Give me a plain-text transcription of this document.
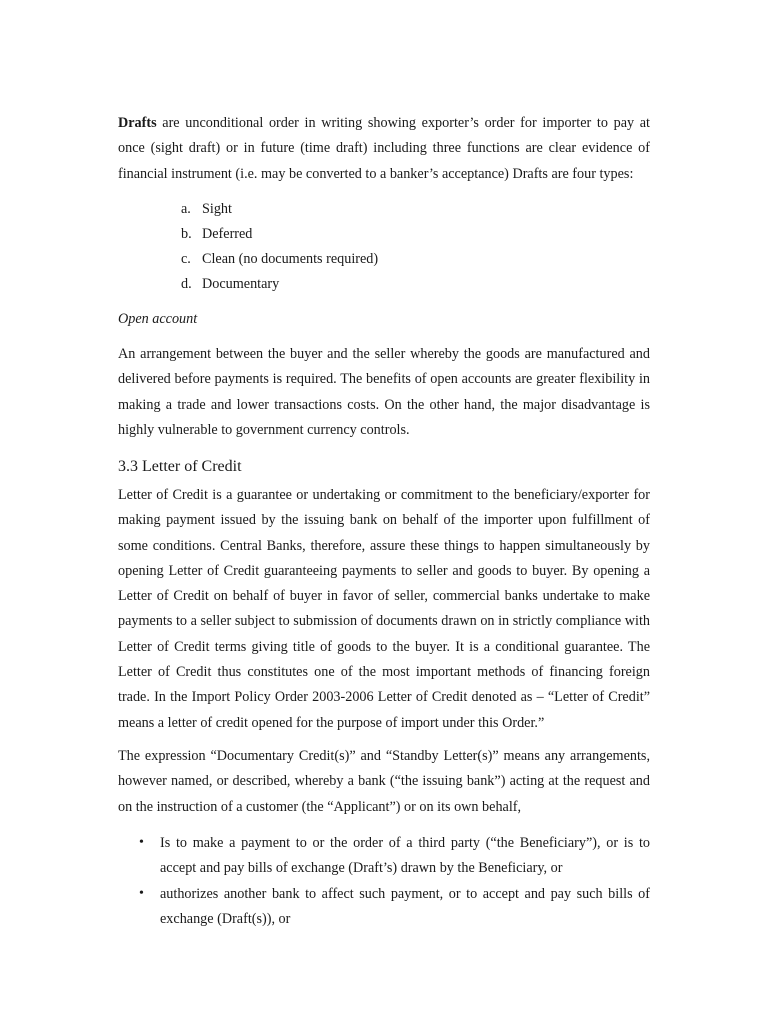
Drafts are unconditional order in writing showing exporter’s order for importer to pay at once (sight draft) or in future (time draft) including three functions are clear evidence of financial instrument (i.e. may be converted to a banker’s acceptance) Drafts are four types:

a. Sight
b. Deferred
c. Clean (no documents required)
d. Documentary

Open account

An arrangement between the buyer and the seller whereby the goods are manufactured and delivered before payments is required. The benefits of open accounts are greater flexibility in making a trade and lower transactions costs. On the other hand, the major disadvantage is highly vulnerable to government currency controls.

3.3 Letter of Credit

Letter of Credit is a guarantee or undertaking or commitment to the beneficiary/exporter for making payment issued by the issuing bank on behalf of the importer upon fulfillment of some conditions. Central Banks, therefore, assure these things to happen simultaneously by opening Letter of Credit guaranteeing payments to seller and goods to buyer. By opening a Letter of Credit on behalf of buyer in favor of seller, commercial banks undertake to make payments to a seller subject to submission of documents drawn on in strictly compliance with Letter of Credit terms giving title of goods to the buyer. It is a conditional guarantee. The Letter of Credit thus constitutes one of the most important methods of financing foreign trade. In the Import Policy Order 2003-2006 Letter of Credit denoted as – “Letter of Credit” means a letter of credit opened for the purpose of import under this Order.”

The expression “Documentary Credit(s)” and “Standby Letter(s)” means any arrangements, however named, or described, whereby a bank (“the issuing bank”) acting at the request and on the instruction of a customer (the “Applicant”) or on its own behalf,

• Is to make a payment to or the order of a third party (“the Beneficiary”), or is to accept and pay bills of exchange (Draft’s) drawn by the Beneficiary, or

• authorizes another bank to affect such payment, or to accept and pay such bills of exchange (Draft(s)), or
